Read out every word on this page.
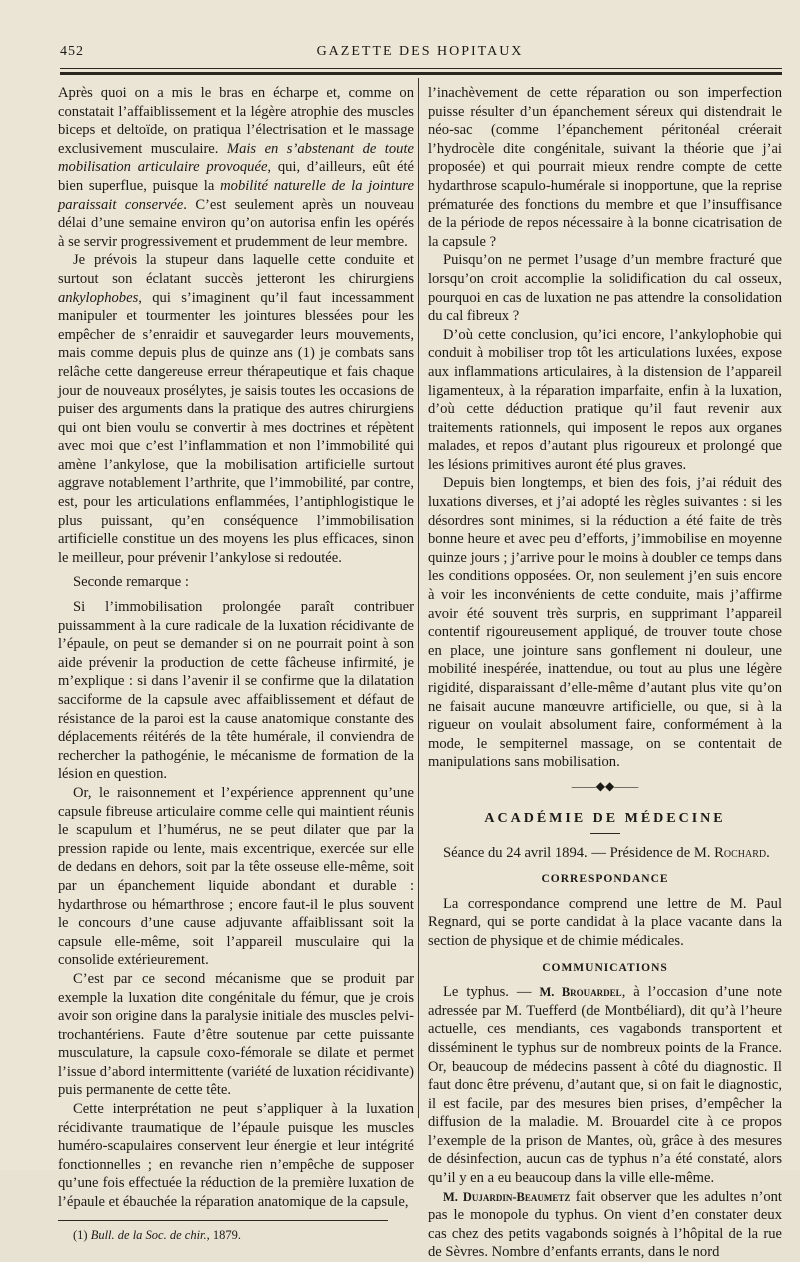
452	GAZETTE DES HOPITAUX

Après quoi on a mis le bras en écharpe et, comme on constatait l’affaiblissement et la légère atrophie des muscles biceps et deltoïde, on pratiqua l’électrisation et le massage exclusivement musculaire. Mais en s’abstenant de toute mobilisation articulaire provoquée, qui, d’ailleurs, eût été bien superflue, puisque la mobilité naturelle de la jointure paraissait conservée. C’est seulement après un nouveau délai d’une semaine environ qu’on autorisa enfin les opérés à se servir progressivement et prudemment de leur membre.

Je prévois la stupeur dans laquelle cette conduite et surtout son éclatant succès jetteront les chirurgiens ankylophobes, qui s’imaginent qu’il faut incessamment manipuler et tourmenter les jointures blessées pour les empêcher de s’enraidir et sauvegarder leurs mouvements, mais comme depuis plus de quinze ans (1) je combats sans relâche cette dangereuse erreur thérapeutique et fais chaque jour de nouveaux prosélytes, je saisis toutes les occasions de puiser des arguments dans la pratique des autres chirurgiens qui ont bien voulu se convertir à mes doctrines et répètent avec moi que c’est l’inflammation et non l’immobilité qui amène l’ankylose, que la mobilisation artificielle surtout aggrave notablement l’arthrite, que l’immobilité, par contre, est, pour les articulations enflammées, l’antiphlogistique le plus puissant, qu’en conséquence l’immobilisation artificielle constitue un des moyens les plus efficaces, sinon le meilleur, pour prévenir l’ankylose si redoutée.

Seconde remarque :

Si l’immobilisation prolongée paraît contribuer puissamment à la cure radicale de la luxation récidivante de l’épaule, on peut se demander si on ne pourrait point à son aide prévenir la production de cette fâcheuse infirmité, je m’explique : si dans l’avenir il se confirme que la dilatation sacciforme de la capsule avec affaiblissement et défaut de résistance de la paroi est la cause anatomique constante des déplacements réitérés de la tête humérale, il conviendra de rechercher la pathogénie, le mécanisme de formation de la lésion en question.

Or, le raisonnement et l’expérience apprennent qu’une capsule fibreuse articulaire comme celle qui maintient réunis le scapulum et l’humérus, ne se peut dilater que par la pression rapide ou lente, mais excentrique, exercée sur elle de dedans en dehors, soit par la tête osseuse elle-même, soit par un épanchement liquide abondant et durable : hydarthrose ou hémarthrose ; encore faut-il le plus souvent le concours d’une cause adjuvante affaiblissant soit la capsule elle-même, soit l’appareil musculaire qui la consolide extérieurement.

C’est par ce second mécanisme que se produit par exemple la luxation dite congénitale du fémur, que je crois avoir son origine dans la paralysie initiale des muscles pelvi-trochantériens. Faute d’être soutenue par cette puissante musculature, la capsule coxo-fémorale se dilate et permet l’issue d’abord intermittente (variété de luxation récidivante) puis permanente de cette tête.

Cette interprétation ne peut s’appliquer à la luxation récidivante traumatique de l’épaule puisque les muscles huméro-scapulaires conservent leur énergie et leur intégrité fonctionnelles ; en revanche rien n’empêche de supposer qu’une fois effectuée la réduction de la première luxation de l’épaule et ébauchée la réparation anatomique de la capsule,

(1) Bull. de la Soc. de chir., 1879.

l’inachèvement de cette réparation ou son imperfection puisse résulter d’un épanchement séreux qui distendrait le néo-sac (comme l’épanchement péritonéal créerait l’hydrocèle dite congénitale, suivant la théorie que j’ai proposée) et qui pourrait mieux rendre compte de cette hydarthrose scapulo-humérale si inopportune, que la reprise prématurée des fonctions du membre et que l’insuffisance de la période de repos nécessaire à la bonne cicatrisation de la capsule ?

Puisqu’on ne permet l’usage d’un membre fracturé que lorsqu’on croit accomplie la solidification du cal osseux, pourquoi en cas de luxation ne pas attendre la consolidation du cal fibreux ?

D’où cette conclusion, qu’ici encore, l’ankylophobie qui conduit à mobiliser trop tôt les articulations luxées, expose aux inflammations articulaires, à la distension de l’appareil ligamenteux, à la réparation imparfaite, enfin à la luxation, d’où cette déduction pratique qu’il faut revenir aux traitements rationnels, qui imposent le repos aux organes malades, et repos d’autant plus rigoureux et prolongé que les lésions primitives auront été plus graves.

Depuis bien longtemps, et bien des fois, j’ai réduit des luxations diverses, et j’ai adopté les règles suivantes : si les désordres sont minimes, si la réduction a été faite de très bonne heure et avec peu d’efforts, j’immobilise en moyenne quinze jours ; j’arrive pour le moins à doubler ce temps dans les conditions opposées. Or, non seulement j’en suis encore à voir les inconvénients de cette conduite, mais j’affirme avoir été souvent très surpris, en supprimant l’appareil contentif rigoureusement appliqué, de trouver toute chose en place, une jointure sans gonflement ni douleur, une mobilité inespérée, inattendue, ou tout au plus une légère rigidité, disparaissant d’elle-même d’autant plus vite qu’on ne faisait aucune manœuvre artificielle, ou que, si à la rigueur on voulait absolument faire, conformément à la mode, le sempiternel massage, on se contentait de manipulations sans mobilisation.

——◆◆——
ACADÉMIE DE MÉDECINE

Séance du 24 avril 1894. — Présidence de M. Rochard.

CORRESPONDANCE

La correspondance comprend une lettre de M. Paul Regnard, qui se porte candidat à la place vacante dans la section de physique et de chimie médicales.

COMMUNICATIONS

Le typhus. — M. Brouardel, à l’occasion d’une note adressée par M. Tuefferd (de Montbéliard), dit qu’à l’heure actuelle, ces mendiants, ces vagabonds transportent et disséminent le typhus sur de nombreux points de la France. Or, beaucoup de médecins passent à côté du diagnostic. Il faut donc être prévenu, d’autant que, si on fait le diagnostic, il est facile, par des mesures bien prises, d’empêcher la diffusion de la maladie. M. Brouardel cite à ce propos l’exemple de la prison de Mantes, où, grâce à des mesures de désinfection, aucun cas de typhus n’a été constaté, alors qu’il y en a eu beaucoup dans la ville elle-même.

M. Dujardin-Beaumetz fait observer que les adultes n’ont pas le monopole du typhus. On vient d’en constater deux cas chez des petits vagabonds soignés à l’hôpital de la rue de Sèvres. Nombre d’enfants errants, dans le nord
